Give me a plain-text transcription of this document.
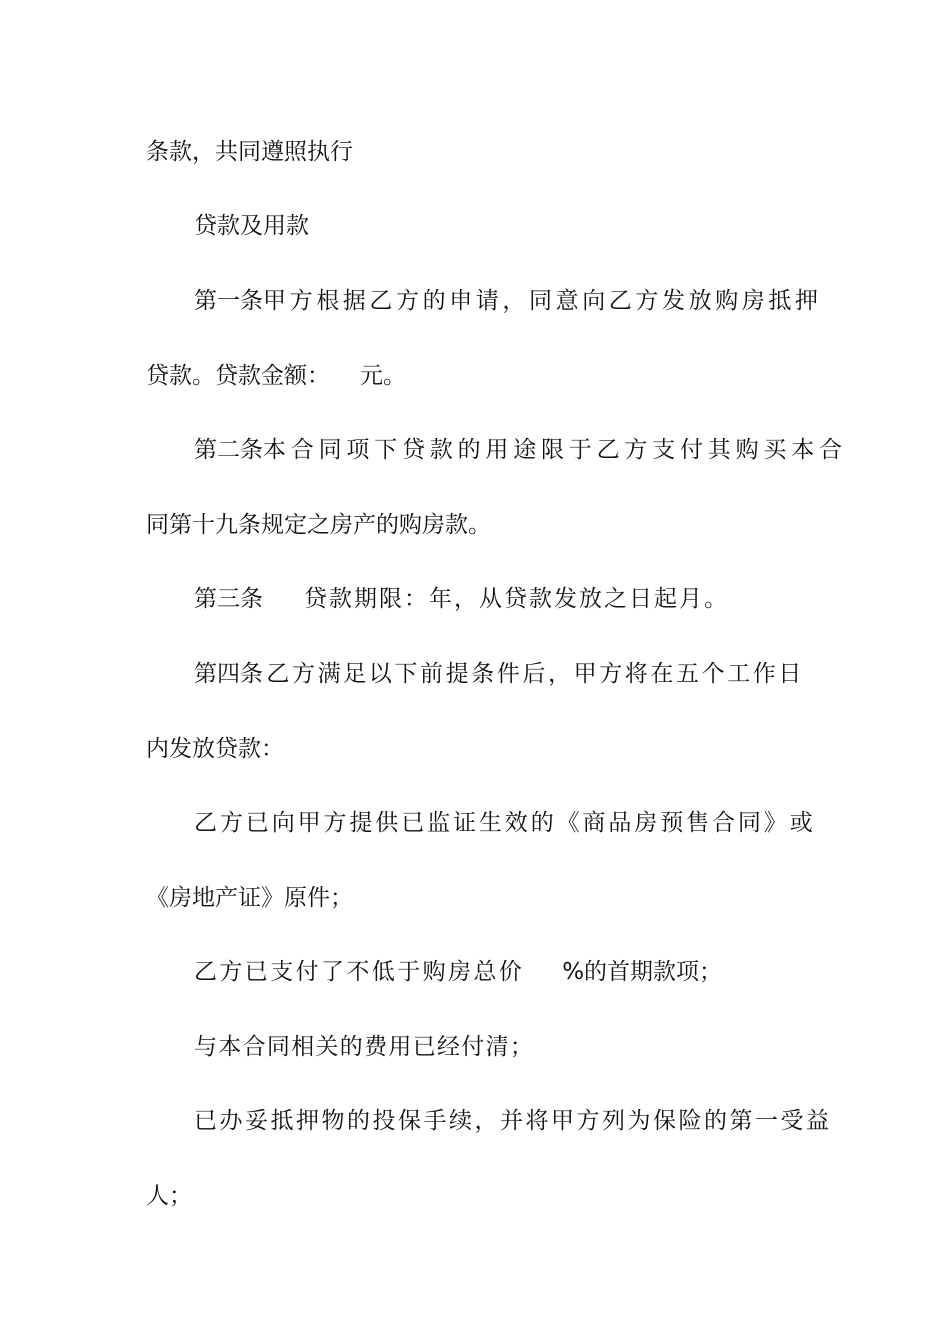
条款，共同遵照执行
贷款及用款
第一条 甲方根据乙方的申请，同意向乙方发放购房抵押
贷款。贷款金额： 元。
第二条 本合同项下贷款的用途限于乙方支付其购买本合
同第十九条规定之房产的购房款。
第三条 贷款期限：年，从贷款发放之日起月。
第四条 乙方满足以下前提条件后，甲方将在五个工作日
内发放贷款：
乙方已向甲方提供已监证生效的《商品房预售合同》或
《房地产证》原件；
乙方已支付了不低于购房总价 %的首期款项；
与本合同相关的费用已经付清；
已办妥抵押物的投保手续，并将甲方列为保险的第一受益
人；
